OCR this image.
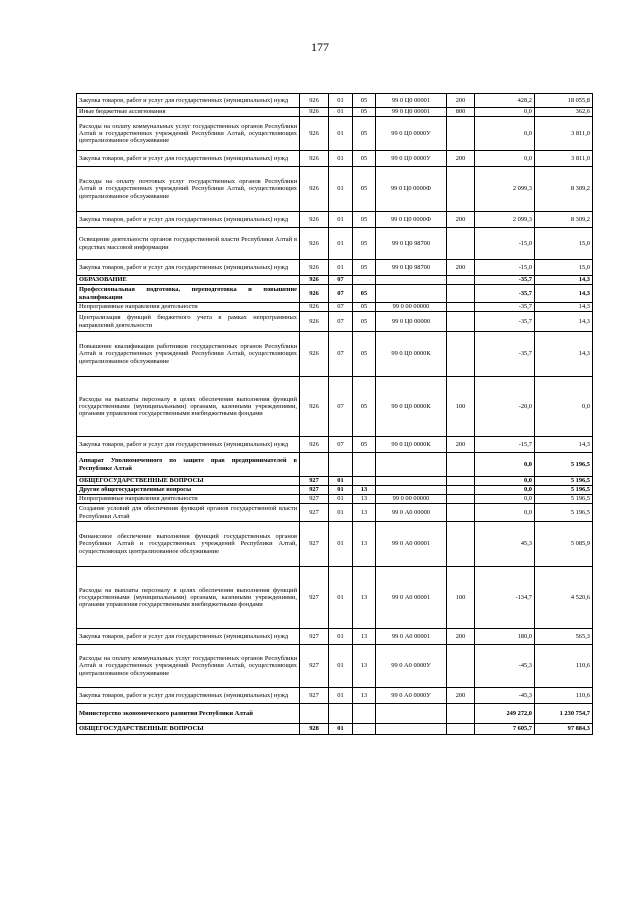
177
Закупка товаров, работ и услуг для государственных (муниципальных) нужд	926	01	05	99 0 Ц0 00001	200	428,2	18 055,8
Иные бюджетные ассигнования	926	01	05	99 0 Ц0 00001	800	0,0	362,6
Расходы на оплату коммунальных услуг государственных органов Республики Алтай и государственных учреждений Республики Алтай, осуществляющих централизованное обслуживание	926	01	05	99 0 Ц0 0000У		0,0	3 811,0
Закупка товаров, работ и услуг для государственных (муниципальных) нужд	926	01	05	99 0 Ц0 0000У	200	0,0	3 811,0
Расходы на оплату почтовых услуг государственных органов Республики Алтай и государственных учреждений Республики Алтай, осуществляющих централизованное обслуживание	926	01	05	99 0 Ц0 0000Ф		2 099,3	8 309,2
Закупка товаров, работ и услуг для государственных (муниципальных) нужд	926	01	05	99 0 Ц0 0000Ф	200	2 099,3	8 309,2
Освещение деятельности органов государственной власти Республики Алтай в средствах массовой информации	926	01	05	99 0 Ц0 98700		-15,0	15,0
Закупка товаров, работ и услуг для государственных (муниципальных) нужд	926	01	05	99 0 Ц0 98700	200	-15,0	15,0
ОБРАЗОВАНИЕ	926	07				-35,7	14,3
Профессиональная подготовка, переподготовка и повышение квалификации	926	07	05			-35,7	14,3
Непрограммные направления деятельности	926	07	05	99 0 00 00000		-35,7	14,3
Централизация функций бюджетного учета в рамках непрограммных направлений деятельности	926	07	05	99 0 Ц0 00000		-35,7	14,3
Повышение квалификации работников государственных органов Республики Алтай и государственных учреждений Республики Алтай, осуществляющих централизованное обслуживание	926	07	05	99 0 Ц0 0000К		-35,7	14,3
Расходы на выплаты персоналу в целях обеспечения выполнения функций государственными (муниципальными) органами, казенными учреждениями, органами управления государственными внебюджетными фондами	926	07	05	99 0 Ц0 0000К	100	-20,0	0,0
Закупка товаров, работ и услуг для государственных (муниципальных) нужд	926	07	05	99 0 Ц0 0000К	200	-15,7	14,3
Аппарат Уполномоченного по защите прав предпринимателей в Республике Алтай						0,0	5 196,5
ОБЩЕГОСУДАРСТВЕННЫЕ ВОПРОСЫ	927	01				0,0	5 196,5
Другие общегосударственные вопросы	927	01	13			0,0	5 196,5
Непрограммные направления деятельности	927	01	13	99 0 00 00000		0,0	5 196,5
Создание условий для обеспечения функций органов государственной власти Республики Алтай	927	01	13	99 0 А0 00000		0,0	5 196,5
Финансовое обеспечение выполнения функций государственных органов Республики Алтай и государственных учреждений Республики Алтай, осуществляющих централизованное обслуживание	927	01	13	99 0 А0 00001		45,3	5 085,9
Расходы на выплаты персоналу в целях обеспечения выполнения функций государственными (муниципальными) органами, казенными учреждениями, органами управления государственными внебюджетными фондами	927	01	13	99 0 А0 00001	100	-134,7	4 520,6
Закупка товаров, работ и услуг для государственных (муниципальных) нужд	927	01	13	99 0 А0 00001	200	180,0	565,3
Расходы на оплату коммунальных услуг государственных органов Республики Алтай и государственных учреждений Республики Алтай, осуществляющих централизованное обслуживание	927	01	13	99 0 А0 0000У		-45,3	110,6
Закупка товаров, работ и услуг для государственных (муниципальных) нужд	927	01	13	99 0 А0 0000У	200	-45,3	110,6
Министерство экономического развития Республики Алтай						249 272,0	1 230 754,7
ОБЩЕГОСУДАРСТВЕННЫЕ ВОПРОСЫ	928	01				7 605,7	97 884,3
